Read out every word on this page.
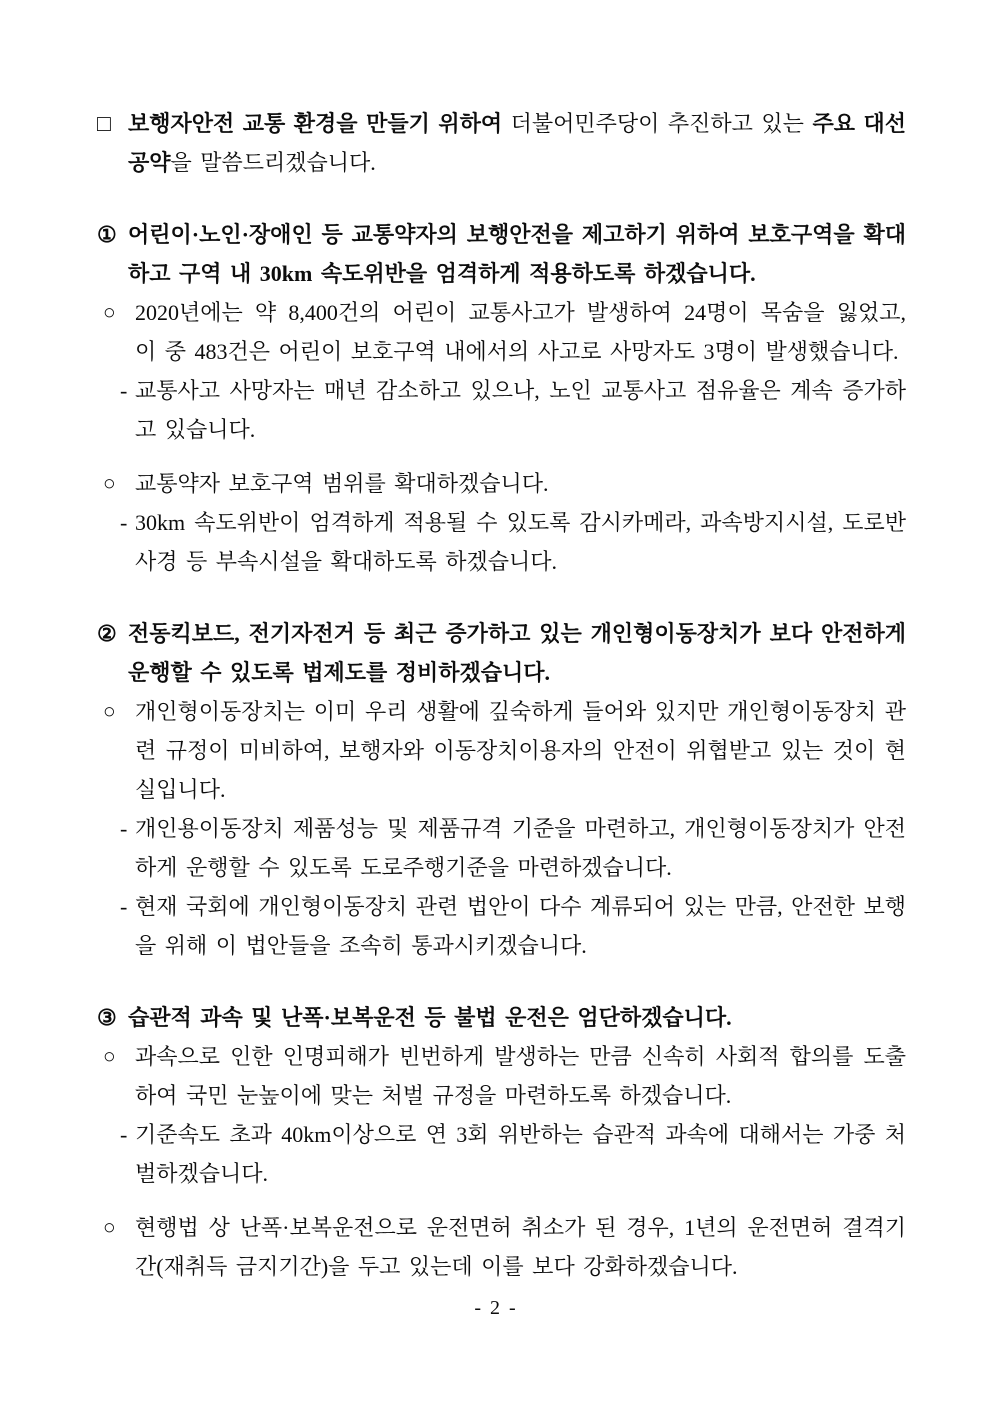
□ 보행자안전 교통 환경을 만들기 위하여 더불어민주당이 추진하고 있는 주요 대선 공약을 말씀드리겠습니다.
① 어린이·노인·장애인 등 교통약자의 보행안전을 제고하기 위하여 보호구역을 확대하고 구역 내 30km 속도위반을 엄격하게 적용하도록 하겠습니다.
○ 2020년에는 약 8,400건의 어린이 교통사고가 발생하여 24명이 목숨을 잃었고, 이 중 483건은 어린이 보호구역 내에서의 사고로 사망자도 3명이 발생했습니다.
- 교통사고 사망자는 매년 감소하고 있으나, 노인 교통사고 점유율은 계속 증가하고 있습니다.
○ 교통약자 보호구역 범위를 확대하겠습니다.
- 30km 속도위반이 엄격하게 적용될 수 있도록 감시카메라, 과속방지시설, 도로반사경 등 부속시설을 확대하도록 하겠습니다.
② 전동킥보드, 전기자전거 등 최근 증가하고 있는 개인형이동장치가 보다 안전하게 운행할 수 있도록 법제도를 정비하겠습니다.
○ 개인형이동장치는 이미 우리 생활에 깊숙하게 들어와 있지만 개인형이동장치 관련 규정이 미비하여, 보행자와 이동장치이용자의 안전이 위협받고 있는 것이 현실입니다.
- 개인용이동장치 제품성능 및 제품규격 기준을 마련하고, 개인형이동장치가 안전하게 운행할 수 있도록 도로주행기준을 마련하겠습니다.
- 현재 국회에 개인형이동장치 관련 법안이 다수 계류되어 있는 만큼, 안전한 보행을 위해 이 법안들을 조속히 통과시키겠습니다.
③ 습관적 과속 및 난폭·보복운전 등 불법 운전은 엄단하겠습니다.
○ 과속으로 인한 인명피해가 빈번하게 발생하는 만큼 신속히 사회적 합의를 도출하여 국민 눈높이에 맞는 처벌 규정을 마련하도록 하겠습니다.
- 기준속도 초과 40km이상으로 연 3회 위반하는 습관적 과속에 대해서는 가중 처벌하겠습니다.
○ 현행법 상 난폭·보복운전으로 운전면허 취소가 된 경우, 1년의 운전면허 결격기간(재취득 금지기간)을 두고 있는데 이를 보다 강화하겠습니다.
- 2 -
